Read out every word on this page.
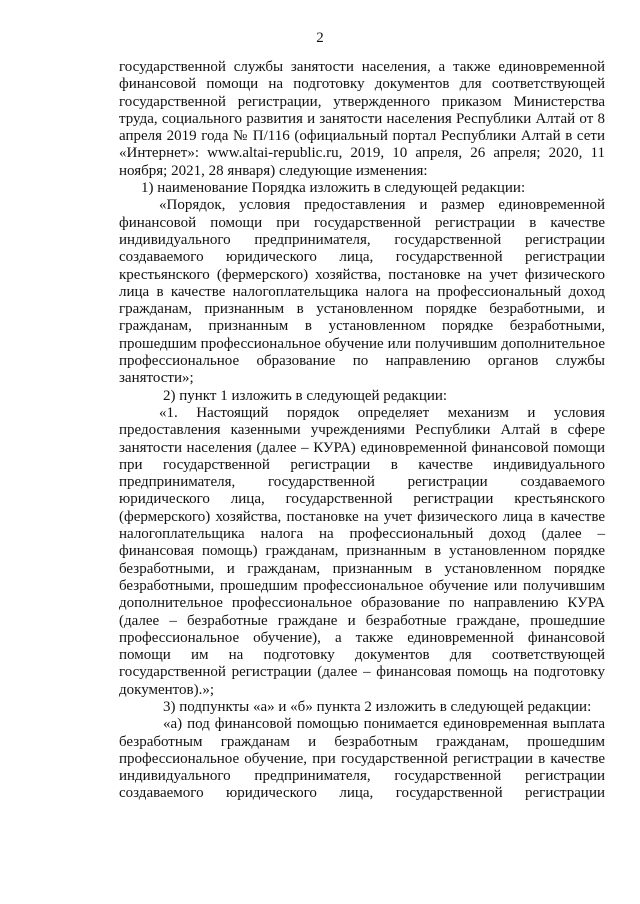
2

государственной службы занятости населения, а также единовременной финансовой помощи на подготовку документов для соответствующей государственной регистрации, утвержденного приказом Министерства труда, социального развития и занятости населения Республики Алтай от 8 апреля 2019 года № П/116 (официальный портал Республики Алтай в сети «Интернет»: www.altai-republic.ru, 2019, 10 апреля, 26 апреля; 2020, 11 ноября; 2021, 28 января) следующие изменения:

1) наименование Порядка изложить в следующей редакции:

«Порядок, условия предоставления и размер единовременной финансовой помощи при государственной регистрации в качестве индивидуального предпринимателя, государственной регистрации создаваемого юридического лица, государственной регистрации крестьянского (фермерского) хозяйства, постановке на учет физического лица в качестве налогоплательщика налога на профессиональный доход гражданам, признанным в установленном порядке безработными, и гражданам, признанным в установленном порядке безработными, прошедшим профессиональное обучение или получившим дополнительное профессиональное образование по направлению органов службы занятости»;

2) пункт 1 изложить в следующей редакции:

«1. Настоящий порядок определяет механизм и условия предоставления казенными учреждениями Республики Алтай в сфере занятости населения (далее – КУРА) единовременной финансовой помощи при государственной регистрации в качестве индивидуального предпринимателя, государственной регистрации создаваемого юридического лица, государственной регистрации крестьянского (фермерского) хозяйства, постановке на учет физического лица в качестве налогоплательщика налога на профессиональный доход (далее – финансовая помощь) гражданам, признанным в установленном порядке безработными, и гражданам, признанным в установленном порядке безработными, прошедшим профессиональное обучение или получившим дополнительное профессиональное образование по направлению КУРА (далее – безработные граждане и безработные граждане, прошедшие профессиональное обучение), а также единовременной финансовой помощи им на подготовку документов для соответствующей государственной регистрации (далее – финансовая помощь на подготовку документов).»;

3) подпункты «а» и «б» пункта 2 изложить в следующей редакции:

«а) под финансовой помощью понимается единовременная выплата безработным гражданам и безработным гражданам, прошедшим профессиональное обучение, при государственной регистрации в качестве индивидуального предпринимателя, государственной регистрации создаваемого юридического лица, государственной регистрации
